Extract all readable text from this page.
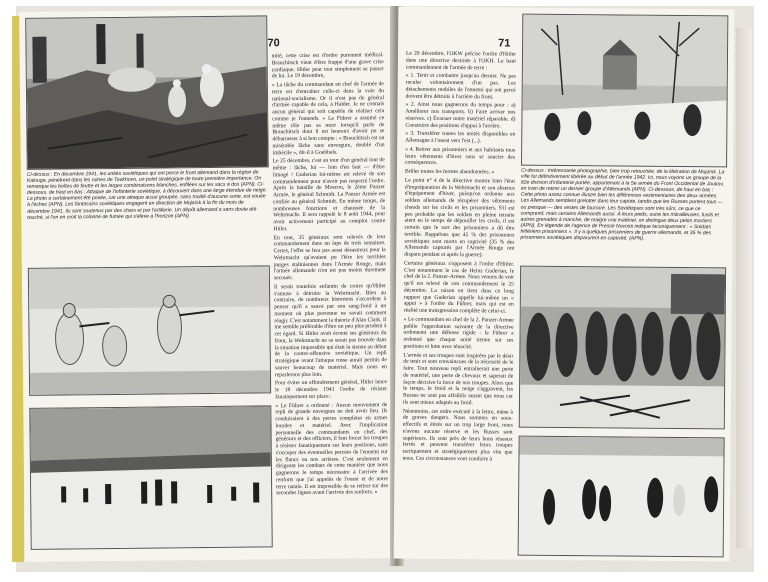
70
Ci-dessus : En décembre 1941, les unités soviétiques qui ont percé le front allemand dans la région de Kalouga, pénètrent dans les ruines de Toukhovo, un point stratégique de toute première importance. On remarque les boîtes de feutre et les larges combinaisons blanches, enfilées sur les sacs à dos (APN). Ci-dessous, de haut en bas : Attaque de l'infanterie soviétique, à découvert dans une large étendue de neige. La photo a certainement été posée, car une attaque aussi groupée, sans moitié d'aucune sorte, est vouée à l'échec (APN). Les fantassins soviétiques engagent en direction de Mojaïsk à la fin du mois de décembre 1941. Ils sont soutenus par des chars et par l'artillerie. Un dépôt allemand a sans doute été touché, si l'on en croit la colonne de fumée qui s'élève à l'horizon (APN).

mité, cette crise est d'ordre purement médical. Brauchitsch vient d'être frappé d'une grave crise cardiaque. Hitler peut tout simplement se passer de lui. Le 19 décembre,

« La tâche du commandant en chef de l'armée de terre est d'entraîner celle-ci dans la voie du national-socialisme. Or il n'est pas de général d'armée capable de cela, à Halder. Je ne connais aucun général qui soit capable de réaliser cela comme je l'entends. » Le Führer a assumé ce même rôle pas sa mort lorsqu'il parle de Brauchitsch dont il est heureux d'avoir pu se débarrasser à si bon compte : « Brauchitsch est un misérable lâche sans envergure, doublé d'un imbécile », dit-il à Goebbels.

Le 25 décembre, c'est au tour d'un général tout de même : lâche, lui — loin d'en faut — d'être limogé ! Guderian lui-même est relevé de son commandement pour n'avoir pas respecté l'ordre. Après la bataille de Moscou, le 2ème Panzer Armée, le général Schmidt. La Panzer Armée est confiée au général Schmidt. En même temps, de nombreuses fonctions et chaussée de la Wehrmacht. Il sera rappelé le 8 août 1944, pour avoir activement participé au complot contre Hitler.

En tout, 35 généraux sont relevés de leur commandement dans un laps de trois semaines. Certes, l'effet se fera pas aussi désastreux pour la Wehrmacht qu'avaient pu l'être les terribles purges staliniennes dans l'Armée Rouge, mais l'armée allemande n'en est pas moins durement secouée.

Il serait toutefois enfantin de croire qu'Hitler s'amuse à détruire la Wehrmacht. Bien au contraire, de nombreux historiens s'accordent à penser qu'il a sauvé par son sang-froid à un moment où plus personne ne savait comment réagir. C'est notamment la théorie d'Alan Clark. Il me semble préférable d'être un peu plus prudent à cet égard. Si Hitler avait écouté ses généraux du front, la Wehrmacht ne se serait pas trouvée dans la situation impossible qui était la sienne au début de la contre-offensive soviétique. Un repli stratégique avant l'attaque russe aurait permis de sauver beaucoup de matériel. Mais nous en reparlerons plus loin.

Pour éviter un effondrement général, Hitler lance le 18 décembre 1941 l'ordre de résister fanatiquement sur place :

« Le Führer a ordonné : Aucun mouvement de repli de grande envergure ne doit avoir lieu. Ils conduiraient à des pertes complètes en armes lourdes et matériel. Avec l'implication personnelle des commandants en chef, des généraux et des officiers, il faut forcer les troupes à résister fanatiquement sur leurs positions, sans s'occuper des éventuelles percées de l'ennemi sur les flancs ou nos arrières. C'est seulement en dirigeant les combats de cette manière que nous gagnerons le temps nécessaire à l'arrivée des renforts que j'ai appelés de l'ouest et de notre terre natale. Il est impossible de se retirer sur des secondes lignes avant l'arrivée des renforts. »

71

Le 20 décembre, l'OKW précise l'ordre d'Hitler dans une directive destinée à l'OKH. Le haut commandement de l'armée de terre :

« 1. Tenir et combattre jusqu'au dernier. Ne pas reculer volontairement d'un pas. Les détachements mobiles de l'ennemi qui ont percé doivent être détruits à l'arrière du front.

« 2. Ainsi nous gagnerons du temps pour : a) Améliorer nos transports. b) Faire arriver nos réserves. c) Évacuer notre matériel réparable. d) Construire des positions d'appui à l'arrière.

« 3. Transférer toutes les unités disponibles en Allemagne à l'ouest vers l'est (...).

« 4. Retirer aux prisonniers et aux habitants tous leurs vêtements d'hiver sans se soucier des conséquences.

Brûler toutes les fermes abandonnées. »

Le point n° 4 de la directive montre bien l'état d'impréparation de la Wehrmacht et son absence d'équipement d'hiver, puisqu'on ordonne aux soldats allemands de récupérer des vêtements chauds sur les civils et les prisonniers. S'il est peu probable que les soldats en pleine retraite aient eu le temps de dépouiller les civils, il est certain que le sort des prisonniers a dû être terrible. Rappelons que 45 % des prisonniers soviétiques sont morts en captivité (35 % des Allemands capturés par l'Armée Rouge ont disparu pendant et après la guerre).

Certains généraux s'opposent à l'ordre d'Hitler. C'est notamment le cas de Heinz Guderian, le chef de la 2. Panzer-Armee. Nous venons de voir qu'il est relevé de son commandement le 25 décembre. La raison en tient dans ce long rapport que Guderian appelle lui-même un « appui » à l'ordre du Führer, mais qui est en réalité une transgression complète de celui-ci.

« Le commandant en chef de la 2. Panzer-Armee publie l'approbation suivante de la directive ordonnant une défense rigide : le Führer a ordonné que chaque unité tienne sur ses positions et lutte avec ténacité.

L'armée et ses troupes sont inspirées par le désir de tenir et sont convaincues de la nécessité de le faire. Tout nouveau repli entraînerait une perte de matériel, une perte de chevaux et saperait de façon décisive la force de nos troupes. Alors que le temps, le froid et la neige s'aggravent, les Russes ne sont pas affaiblis autant que nous car ils sont mieux adaptés au froid.

Néanmoins, cet ordre exécuté à la lettre, mène à de graves dangers. Nous sommes en sous-effectifs et étirés sur un trop large front, nous n'avons aucune réserve et les Russes sont supérieurs. Ils sont près de leurs bons réseaux ferrés et peuvent transférer leurs troupes tactiquement et stratégiquement plus vite que nous. Ces circonstances vont conduire à

Ci-dessus : Intéressante photographie, bien trop retouchée, de la libération de Mojaïsk. La ville fut définitivement libérée au début de l'année 1942. Ici, nous voyons un groupe de la 82e division d'infanterie portée, appartenant à la 5e armée du Front Occidental de Joukov, en train de retirer un dernier groupe d'Allemands (APN). Ci-dessous, de haut en bas : Cette photo assez connue illustre bien les différences vestimentaires des deux armées. Les Allemands semblent grelotter dans leur capote, tandis que les Russes portent tous — ou presque — des vestes de fourrure. Les Soviétiques sont très sûrs, ce que ce comprend, mais certains Allemands aussi. À leurs pieds, outre les mitrailleuses, fusils et autres grenades à manche, de maigre vrai matériel, on distingue deux petits mortiers (APN). En légende de l'agence de Presse Novosti indique laconiquement : « Soldats hitlériens prisonniers ». Il y a quelques prisonniers de guerre allemands, et 35 % des prisonniers soviétiques disparurent en captivité. (APN).
